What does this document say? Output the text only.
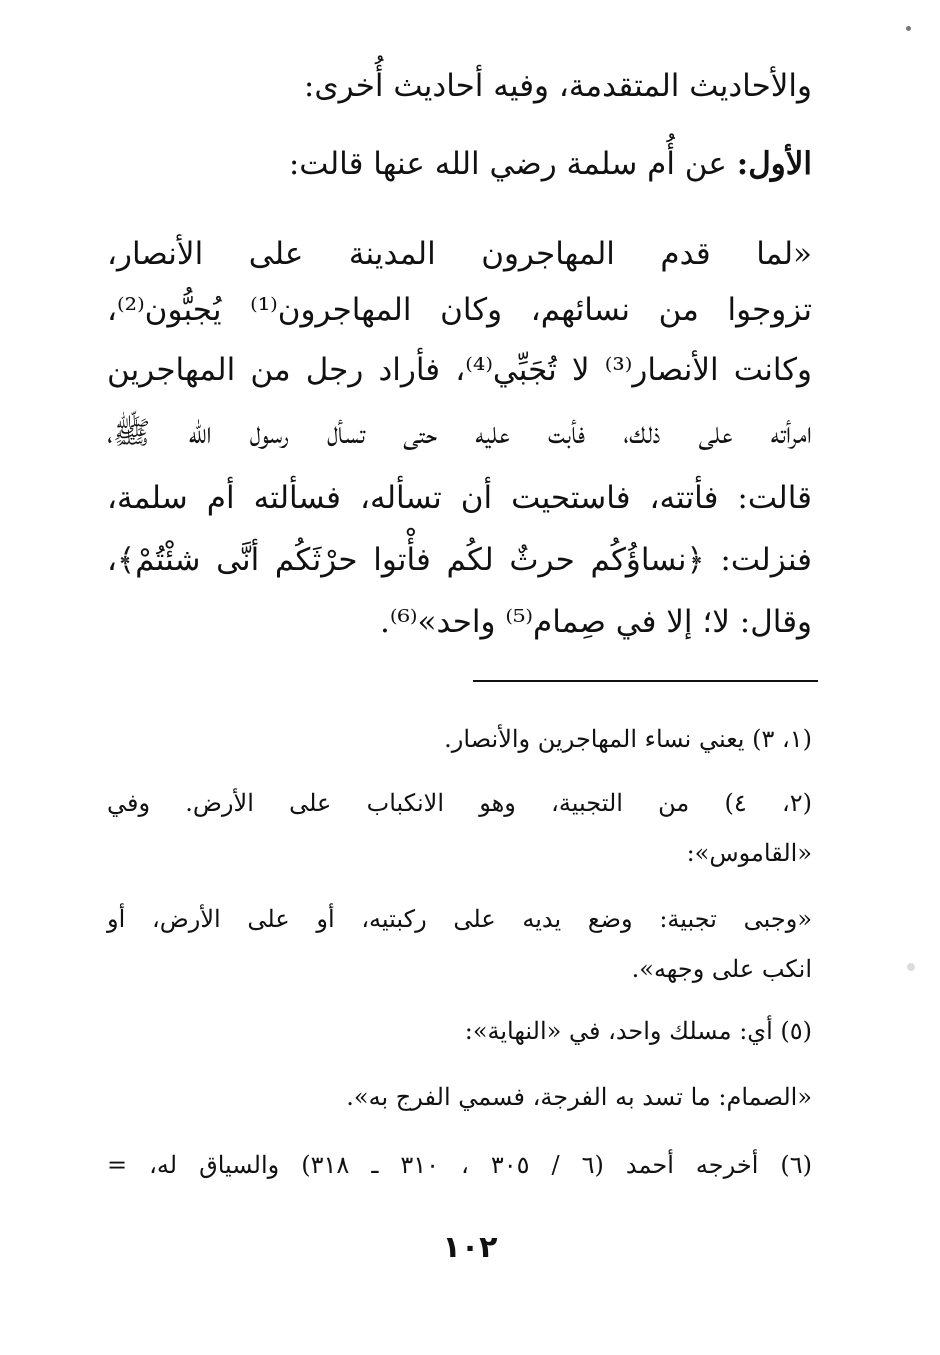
والأحاديث المتقدمة، وفيه أحاديث أُخرى:
الأول: عن أُم سلمة رضي الله عنها قالت:
«لما قدم المهاجرون المدينة على الأنصار،
تزوجوا من نسائهم، وكان المهاجرون⁽¹⁾ يُجبُّون⁽²⁾،
وكانت الأنصار⁽³⁾ لا تُجَبِّي⁽⁴⁾، فأراد رجل من المهاجرين
امرأته على ذلك، فأبت عليه حتى تسأل رسول الله ﷺ،
قالت: فأتته، فاستحيت أن تسأله، فسألته أم سلمة،
فنزلت: ﴿نساؤُكُم حرثٌ لكُم فأْتوا حرْثَكُم أنَّى شئْتُمْ﴾،
وقال: لا؛ إلا في صِمام⁽⁵⁾ واحد»⁽⁶⁾.
(١، ٣) يعني نساء المهاجرين والأنصار.
(٢، ٤) من التجبية، وهو الانكباب على الأرض. وفي
«القاموس»:
«وجبى تجبية: وضع يديه على ركبتيه، أو على الأرض، أو
انكب على وجهه».
(٥) أي: مسلك واحد، في «النهاية»:
«الصمام: ما تسد به الفرجة، فسمي الفرج به».
(٦) أخرجه أحمد (٦ / ٣٠٥ ، ٣١٠ ـ ٣١٨) والسياق له، =
١٠٢
